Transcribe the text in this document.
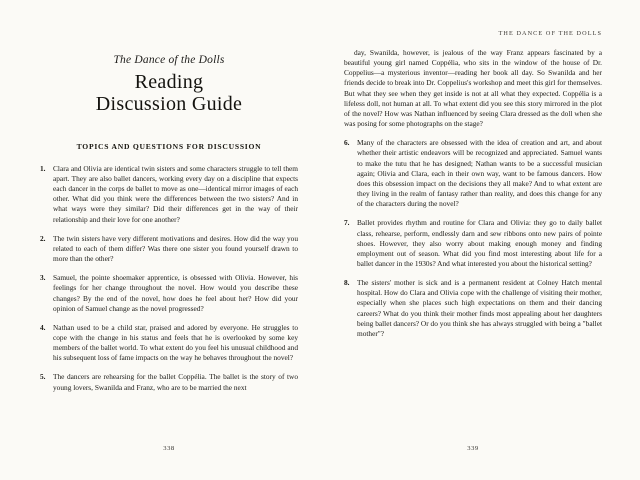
The Dance of the Dolls
Reading
Discussion Guide
TOPICS AND QUESTIONS FOR DISCUSSION
Clara and Olivia are identical twin sisters and some characters struggle to tell them apart. They are also ballet dancers, working every day on a discipline that expects each dancer in the corps de ballet to move as one—identical mirror images of each other. What did you think were the differences between the two sisters? And in what ways were they similar? Did their differences get in the way of their relationship and their love for one another?
The twin sisters have very different motivations and desires. How did the way you related to each of them differ? Was there one sister you found yourself drawn to more than the other?
Samuel, the pointe shoemaker apprentice, is obsessed with Olivia. However, his feelings for her change throughout the novel. How would you describe these changes? By the end of the novel, how does he feel about her? How did your opinion of Samuel change as the novel progressed?
Nathan used to be a child star, praised and adored by everyone. He struggles to cope with the change in his status and feels that he is overlooked by some key members of the ballet world. To what extent do you feel his unusual childhood and his subsequent loss of fame impacts on the way he behaves throughout the novel?
The dancers are rehearsing for the ballet Coppélia. The ballet is the story of two young lovers, Swanilda and Franz, who are to be married the next
338
THE DANCE OF THE DOLLS

day, Swanilda, however, is jealous of the way Franz appears fascinated by a beautiful young girl named Coppélia, who sits in the window of the house of Dr. Coppelius—a mysterious inventor—reading her book all day. So Swanilda and her friends decide to break into Dr. Coppelius's workshop and meet this girl for themselves. But what they see when they get inside is not at all what they expected. Coppélia is a lifeless doll, not human at all. To what extent did you see this story mirrored in the plot of the novel? How was Nathan influenced by seeing Clara dressed as the doll when she was posing for some photographs on the stage?

Many of the characters are obsessed with the idea of creation and art, and about whether their artistic endeavors will be recognized and appreciated. Samuel wants to make the tutu that he has designed; Nathan wants to be a successful musician again; Olivia and Clara, each in their own way, want to be famous dancers. How does this obsession impact on the decisions they all make? And to what extent are they living in the realm of fantasy rather than reality, and does this change for any of the characters during the novel?
Ballet provides rhythm and routine for Clara and Olivia: they go to daily ballet class, rehearse, perform, endlessly darn and sew ribbons onto new pairs of pointe shoes. However, they also worry about making enough money and finding employment out of season. What did you find most interesting about life for a ballet dancer in the 1930s? And what interested you about the historical setting?
The sisters' mother is sick and is a permanent resident at Colney Hatch mental hospital. How do Clara and Olivia cope with the challenge of visiting their mother, especially when she places such high expectations on them and their dancing careers? What do you think their mother finds most appealing about her daughters being ballet dancers? Or do you think she has always struggled with being a "ballet mother"?
339
